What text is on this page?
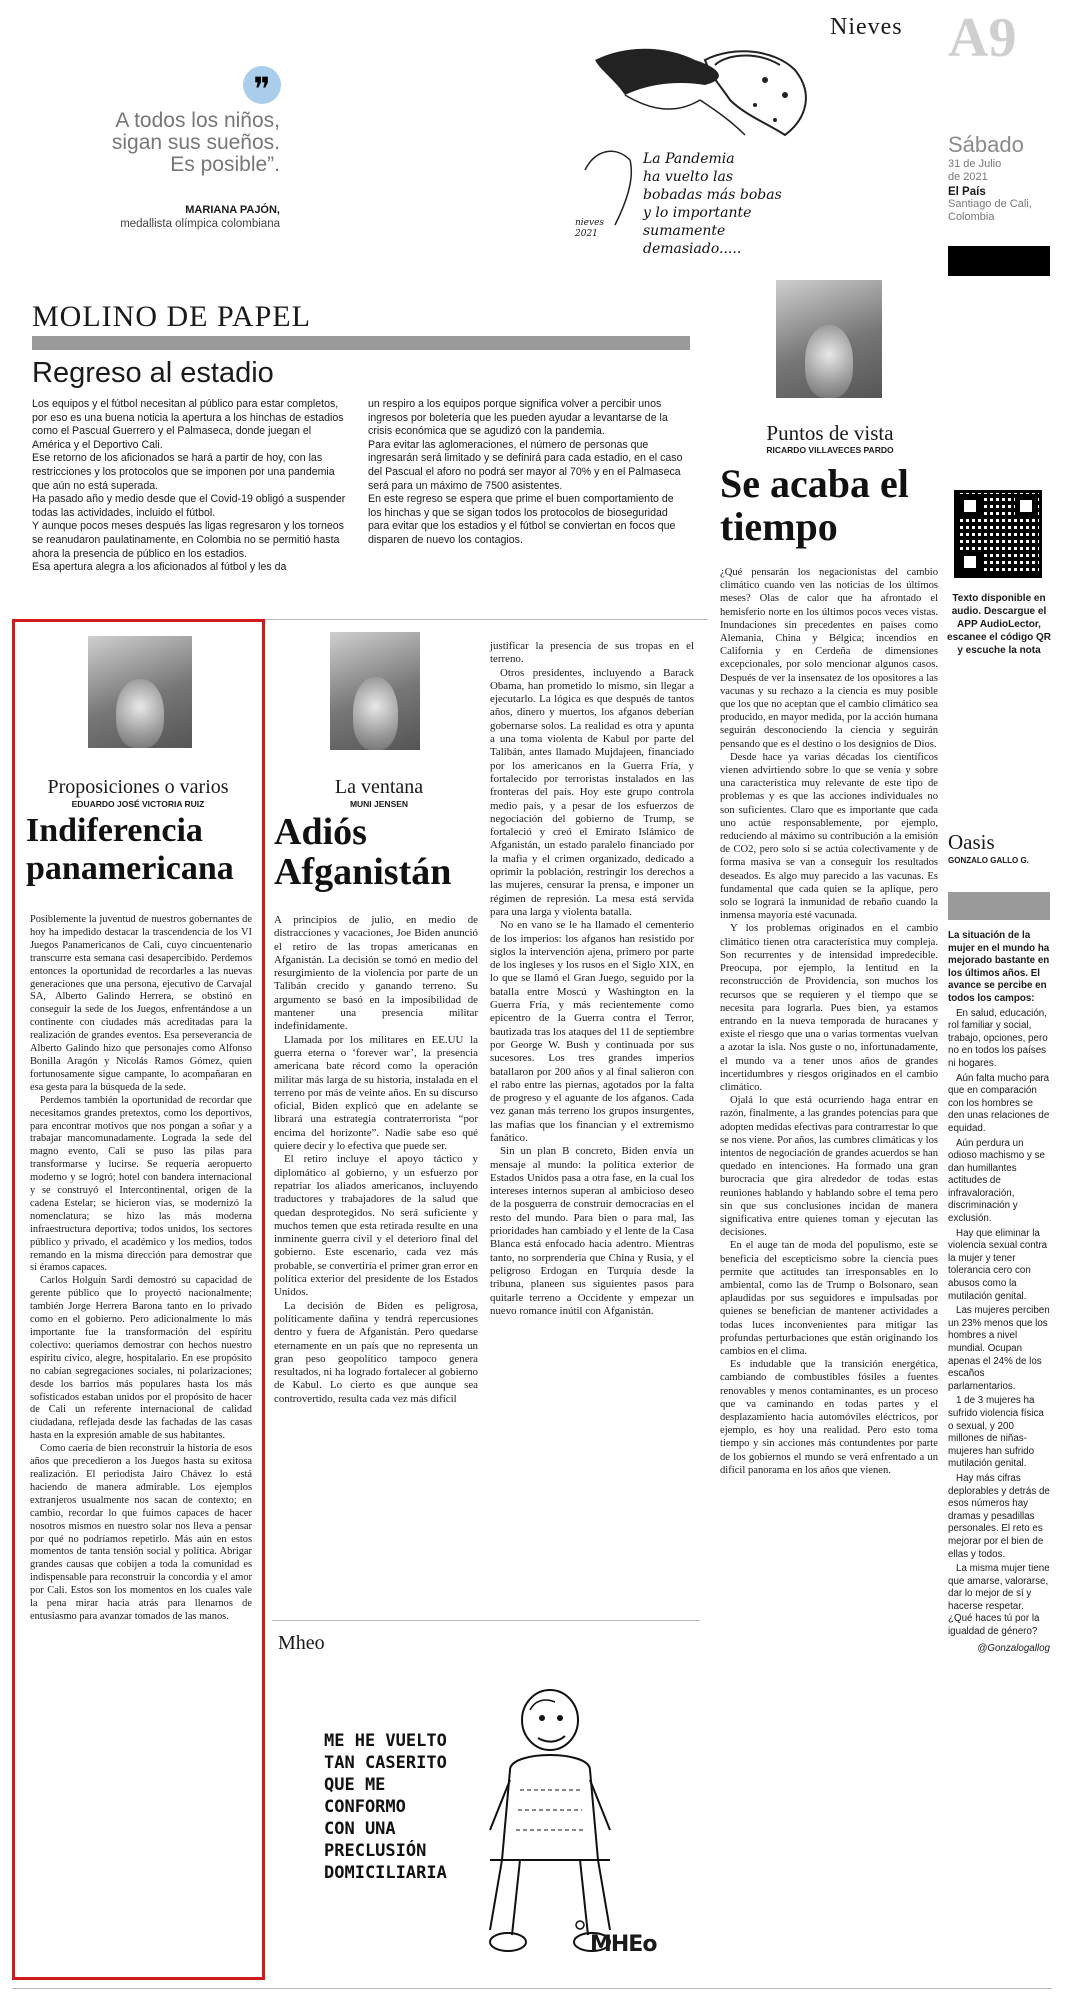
Nieves A9
Sábado
31 de Julio
de 2021
El País
Santiago de Cali,
Colombia
❞
A todos los niños,
sigan sus sueños.
Es posible”.
MARIANA PAJÓN,
medallista olímpica colombiana
La Pandemia
ha vuelto las
bobadas más bobas
y lo importante
sumamente demasiado.....
nieves
2021
MOLINO DE PAPEL
Regreso al estadio
Los equipos y el fútbol necesitan al público para estar completos, por eso es una buena noticia la apertura a los hinchas de estadios como el Pascual Guerrero y el Palmaseca, donde juegan el América y el Deportivo Cali.
Ese retorno de los aficionados se hará a partir de hoy, con las restricciones y los protocolos que se imponen por una pandemia que aún no está superada.
Ha pasado año y medio desde que el Covid-19 obligó a suspender todas las actividades, incluido el fútbol.
Y aunque pocos meses después las ligas regresaron y los torneos se reanudaron paulatinamente, en Colombia no se permitió hasta ahora la presencia de público en los estadios.
Esa apertura alegra a los aficionados al fútbol y les da
un respiro a los equipos porque significa volver a percibir unos ingresos por boletería que les pueden ayudar a levantarse de la crisis económica que se agudizó con la pandemia.
Para evitar las aglomeraciones, el número de personas que ingresarán será limitado y se definirá para cada estadio, en el caso del Pascual el aforo no podrá ser mayor al 70% y en el Palmaseca será para un máximo de 7500 asistentes.
En este regreso se espera que prime el buen comportamiento de los hinchas y que se sigan todos los protocolos de bioseguridad para evitar que los estadios y el fútbol se conviertan en focos que disparen de nuevo los contagios.
Puntos de vista
RICARDO VILLAVECES PARDO
Se acaba el
tiempo

¿Qué pensarán los negacionistas del cambio climático cuando ven las noticias de los últimos meses? Olas de calor que ha afrontado el hemisferio norte en los últimos pocos veces vistas. Inundaciones sin precedentes en países como Alemania, China y Bélgica; incendios en California y en Cerdeña de dimensiones excepcionales, por solo mencionar algunos casos. Después de ver la insensatez de los opositores a las vacunas y su rechazo a la ciencia es muy posible que los que no aceptan que el cambio climático sea producido, en mayor medida, por la acción humana seguirán desconociendo la ciencia y seguirán pensando que es el destino o los designios de Dios.

Desde hace ya varias décadas los científicos vienen advirtiendo sobre lo que se venía y sobre una característica muy relevante de este tipo de problemas y es que las acciones individuales no son suficientes. Claro que es importante que cada uno actúe responsablemente, por ejemplo, reduciendo al máximo su contribución a la emisión de CO2, pero solo si se actúa colectivamente y de forma masiva se van a conseguir los resultados deseados. Es algo muy parecido a las vacunas. Es fundamental que cada quien se la aplique, pero solo se logrará la inmunidad de rebaño cuando la inmensa mayoría esté vacunada.

Y los problemas originados en el cambio climático tienen otra característica muy compleja. Son recurrentes y de intensidad impredecible. Preocupa, por ejemplo, la lentitud en la reconstrucción de Providencia, son muchos los recursos que se requieren y el tiempo que se necesita para lograrla. Pues bien, ya estamos entrando en la nueva temporada de huracanes y existe el riesgo que una o varias tormentas vuelvan a azotar la isla. Nos guste o no, infortunadamente, el mundo va a tener unos años de grandes incertidumbres y riesgos originados en el cambio climático.

Ojalá lo que está ocurriendo haga entrar en razón, finalmente, a las grandes potencias para que adopten medidas efectivas para contrarrestar lo que se nos viene. Por años, las cumbres climáticas y los intentos de negociación de grandes acuerdos se han quedado en intenciones. Ha formado una gran burocracia que gira alrededor de todas estas reuniones hablando y hablando sobre el tema pero sin que sus conclusiones incidan de manera significativa entre quienes toman y ejecutan las decisiones.

En el auge tan de moda del populismo, este se beneficia del escepticismo sobre la ciencia pues permite que actitudes tan irresponsables en lo ambiental, como las de Trump o Bolsonaro, sean aplaudidas por sus seguidores e impulsadas por quienes se benefician de mantener actividades a todas luces inconvenientes para mitigar las profundas perturbaciones que están originando los cambios en el clima.

Es indudable que la transición energética, cambiando de combustibles fósiles a fuentes renovables y menos contaminantes, es un proceso que va caminando en todas partes y el desplazamiento hacia automóviles eléctricos, por ejemplo, es hoy una realidad. Pero esto toma tiempo y sin acciones más contundentes por parte de los gobiernos el mundo se verá enfrentado a un difícil panorama en los años que vienen.

Texto disponible en audio. Descargue el APP AudioLector, escanee el código QR y escuche la nota
Oasis
GONZALO GALLO G.

La situación de la mujer en el mundo ha mejorado bastante en los últimos años. El avance se percibe en todos los campos:

En salud, educación, rol familiar y social, trabajo, opciones, pero no en todos los países ni hogares.

Aún falta mucho para que en comparación con los hombres se den unas relaciones de equidad.

Aún perdura un odioso machismo y se dan humillantes actitudes de infravaloración, discriminación y exclusión.

Hay que eliminar la violencia sexual contra la mujer y tener tolerancia cero con abusos como la mutilación genital.

Las mujeres perciben un 23% menos que los hombres a nivel mundial. Ocupan apenas el 24% de los escaños parlamentarios.

1 de 3 mujeres ha sufrido violencia física o sexual, y 200 millones de niñas-mujeres han sufrido mutilación genital.

Hay más cifras deplorables y detrás de esos números hay dramas y pesadillas personales. El reto es mejorar por el bien de ellas y todos.

La misma mujer tiene que amarse, valorarse, dar lo mejor de sí y hacerse respetar. ¿Qué haces tú por la igualdad de género?

@Gonzalogallog

Proposiciones o varios
EDUARDO JOSÉ VICTORIA RUIZ
Indiferencia
panamericana

Posiblemente la juventud de nuestros gobernantes de hoy ha impedido destacar la trascendencia de los VI Juegos Panamericanos de Cali, cuyo cincuentenario transcurre esta semana casi desapercibido. Perdemos entonces la oportunidad de recordarles a las nuevas generaciones que una persona, ejecutivo de Carvajal SA, Alberto Galindo Herrera, se obstinó en conseguir la sede de los Juegos, enfrentándose a un continente con ciudades más acreditadas para la realización de grandes eventos. Esa perseverancia de Alberto Galindo hizo que personajes como Alfonso Bonilla Aragón y Nicolás Ramos Gómez, quien fortunosamente sigue campante, lo acompañaran en esa gesta para la búsqueda de la sede.

Perdemos también la oportunidad de recordar que necesitamos grandes pretextos, como los deportivos, para encontrar motivos que nos pongan a soñar y a trabajar mancomunadamente. Lograda la sede del magno evento, Cali se puso las pilas para transformarse y lucirse. Se requería aeropuerto moderno y se logró; hotel con bandera internacional y se construyó el Intercontinental, origen de la cadena Estelar; se hicieron vías, se modernizó la nomenclatura; se hizo las más moderna infraestructura deportiva; todos unidos, los sectores público y privado, el académico y los medios, todos remando en la misma dirección para demostrar que sí éramos capaces.

Carlos Holguín Sardi demostró su capacidad de gerente público que lo proyectó nacionalmente; también Jorge Herrera Barona tanto en lo privado como en el gobierno. Pero adicionalmente lo más importante fue la transformación del espíritu colectivo: queríamos demostrar con hechos nuestro espíritu cívico, alegre, hospitalario. En ese propósito no cabían segregaciones sociales, ni polarizaciones; desde los barrios más populares hasta los más sofisticados estaban unidos por el propósito de hacer de Cali un referente internacional de calidad ciudadana, reflejada desde las fachadas de las casas hasta en la expresión amable de sus habitantes.

Como caería de bien reconstruir la historia de esos años que precedieron a los Juegos hasta su exitosa realización. El periodista Jairo Chávez lo está haciendo de manera admirable. Los ejemplos extranjeros usualmente nos sacan de contexto; en cambio, recordar lo que fuimos capaces de hacer nosotros mismos en nuestro solar nos lleva a pensar por qué no podríamos repetirlo. Más aún en estos momentos de tanta tensión social y política. Abrigar grandes causas que cobijen a toda la comunidad es indispensable para reconstruir la concordia y el amor por Cali. Estos son los momentos en los cuales vale la pena mirar hacia atrás para llenarnos de entusiasmo para avanzar tomados de las manos.

La ventana
MUNI JENSEN
Adiós
Afganistán

A principios de julio, en medio de distracciones y vacaciones, Joe Biden anunció el retiro de las tropas americanas en Afganistán. La decisión se tomó en medio del resurgimiento de la violencia por parte de un Talibán crecido y ganando terreno. Su argumento se basó en la imposibilidad de mantener una presencia militar indefinidamente.

Llamada por los militares en EE.UU la guerra eterna o ‘forever war’, la presencia americana bate récord como la operación militar más larga de su historia, instalada en el terreno por más de veinte años. En su discurso oficial, Biden explicó que en adelante se librará una estrategia contraterrorista “por encima del horizonte”. Nadie sabe eso qué quiere decir y lo efectiva que puede ser.

El retiro incluye el apoyo táctico y diplomático al gobierno, y un esfuerzo por repatriar los aliados americanos, incluyendo traductores y trabajadores de la salud que quedan desprotegidos. No será suficiente y muchos temen que esta retirada resulte en una inminente guerra civil y el deterioro final del gobierno. Este escenario, cada vez más probable, se convertiría el primer gran error en política exterior del presidente de los Estados Unidos.

La decisión de Biden es peligrosa, políticamente dañina y tendrá repercusiones dentro y fuera de Afganistán. Pero quedarse eternamente en un país que no representa un gran peso geopolítico tampoco genera resultados, ni ha logrado fortalecer al gobierno de Kabul. Lo cierto es que aunque sea controvertido, resulta cada vez más difícil

justificar la presencia de sus tropas en el terreno.

Otros presidentes, incluyendo a Barack Obama, han prometido lo mismo, sin llegar a ejecutarlo. La lógica es que después de tantos años, dinero y muertos, los afganos deberían gobernarse solos. La realidad es otra y apunta a una toma violenta de Kabul por parte del Talibán, antes llamado Mujdajeen, financiado por los americanos en la Guerra Fría, y fortalecido por terroristas instalados en las fronteras del país. Hoy este grupo controla medio país, y a pesar de los esfuerzos de negociación del gobierno de Trump, se fortaleció y creó el Emirato Islámico de Afganistán, un estado paralelo financiado por la mafia y el crimen organizado, dedicado a oprimir la población, restringir los derechos a las mujeres, censurar la prensa, e imponer un régimen de represión. La mesa está servida para una larga y violenta batalla.

No en vano se le ha llamado el cementerio de los imperios: los afganos han resistido por siglos la intervención ajena, primero por parte de los ingleses y los rusos en el Siglo XIX, en lo que se llamó el Gran Juego, seguido por la batalla entre Moscú y Washington en la Guerra Fría, y más recientemente como epicentro de la Guerra contra el Terror, bautizada tras los ataques del 11 de septiembre por George W. Bush y continuada por sus sucesores. Los tres grandes imperios batallaron por 200 años y al final salieron con el rabo entre las piernas, agotados por la falta de progreso y el aguante de los afganos. Cada vez ganan más terreno los grupos insurgentes, las mafias que los financian y el extremismo fanático.

Sin un plan B concreto, Biden envía un mensaje al mundo: la política exterior de Estados Unidos pasa a otra fase, en la cual los intereses internos superan al ambicioso deseo de la posguerra de construir democracias en el resto del mundo. Para bien o para mal, las prioridades han cambiado y el lente de la Casa Blanca está enfocado hacia adentro. Mientras tanto, no sorprendería que China y Rusia, y el peligroso Erdogan en Turquía desde la tribuna, planeen sus siguientes pasos para quitarle terreno a Occidente y empezar un nuevo romance inútil con Afganistán.

Mheo
ME HE VUELTO
TAN CASERITO
QUE ME
CONFORMO
CON UNA
PRECLUSIÓN
DOMICILIARIA
MHEo
